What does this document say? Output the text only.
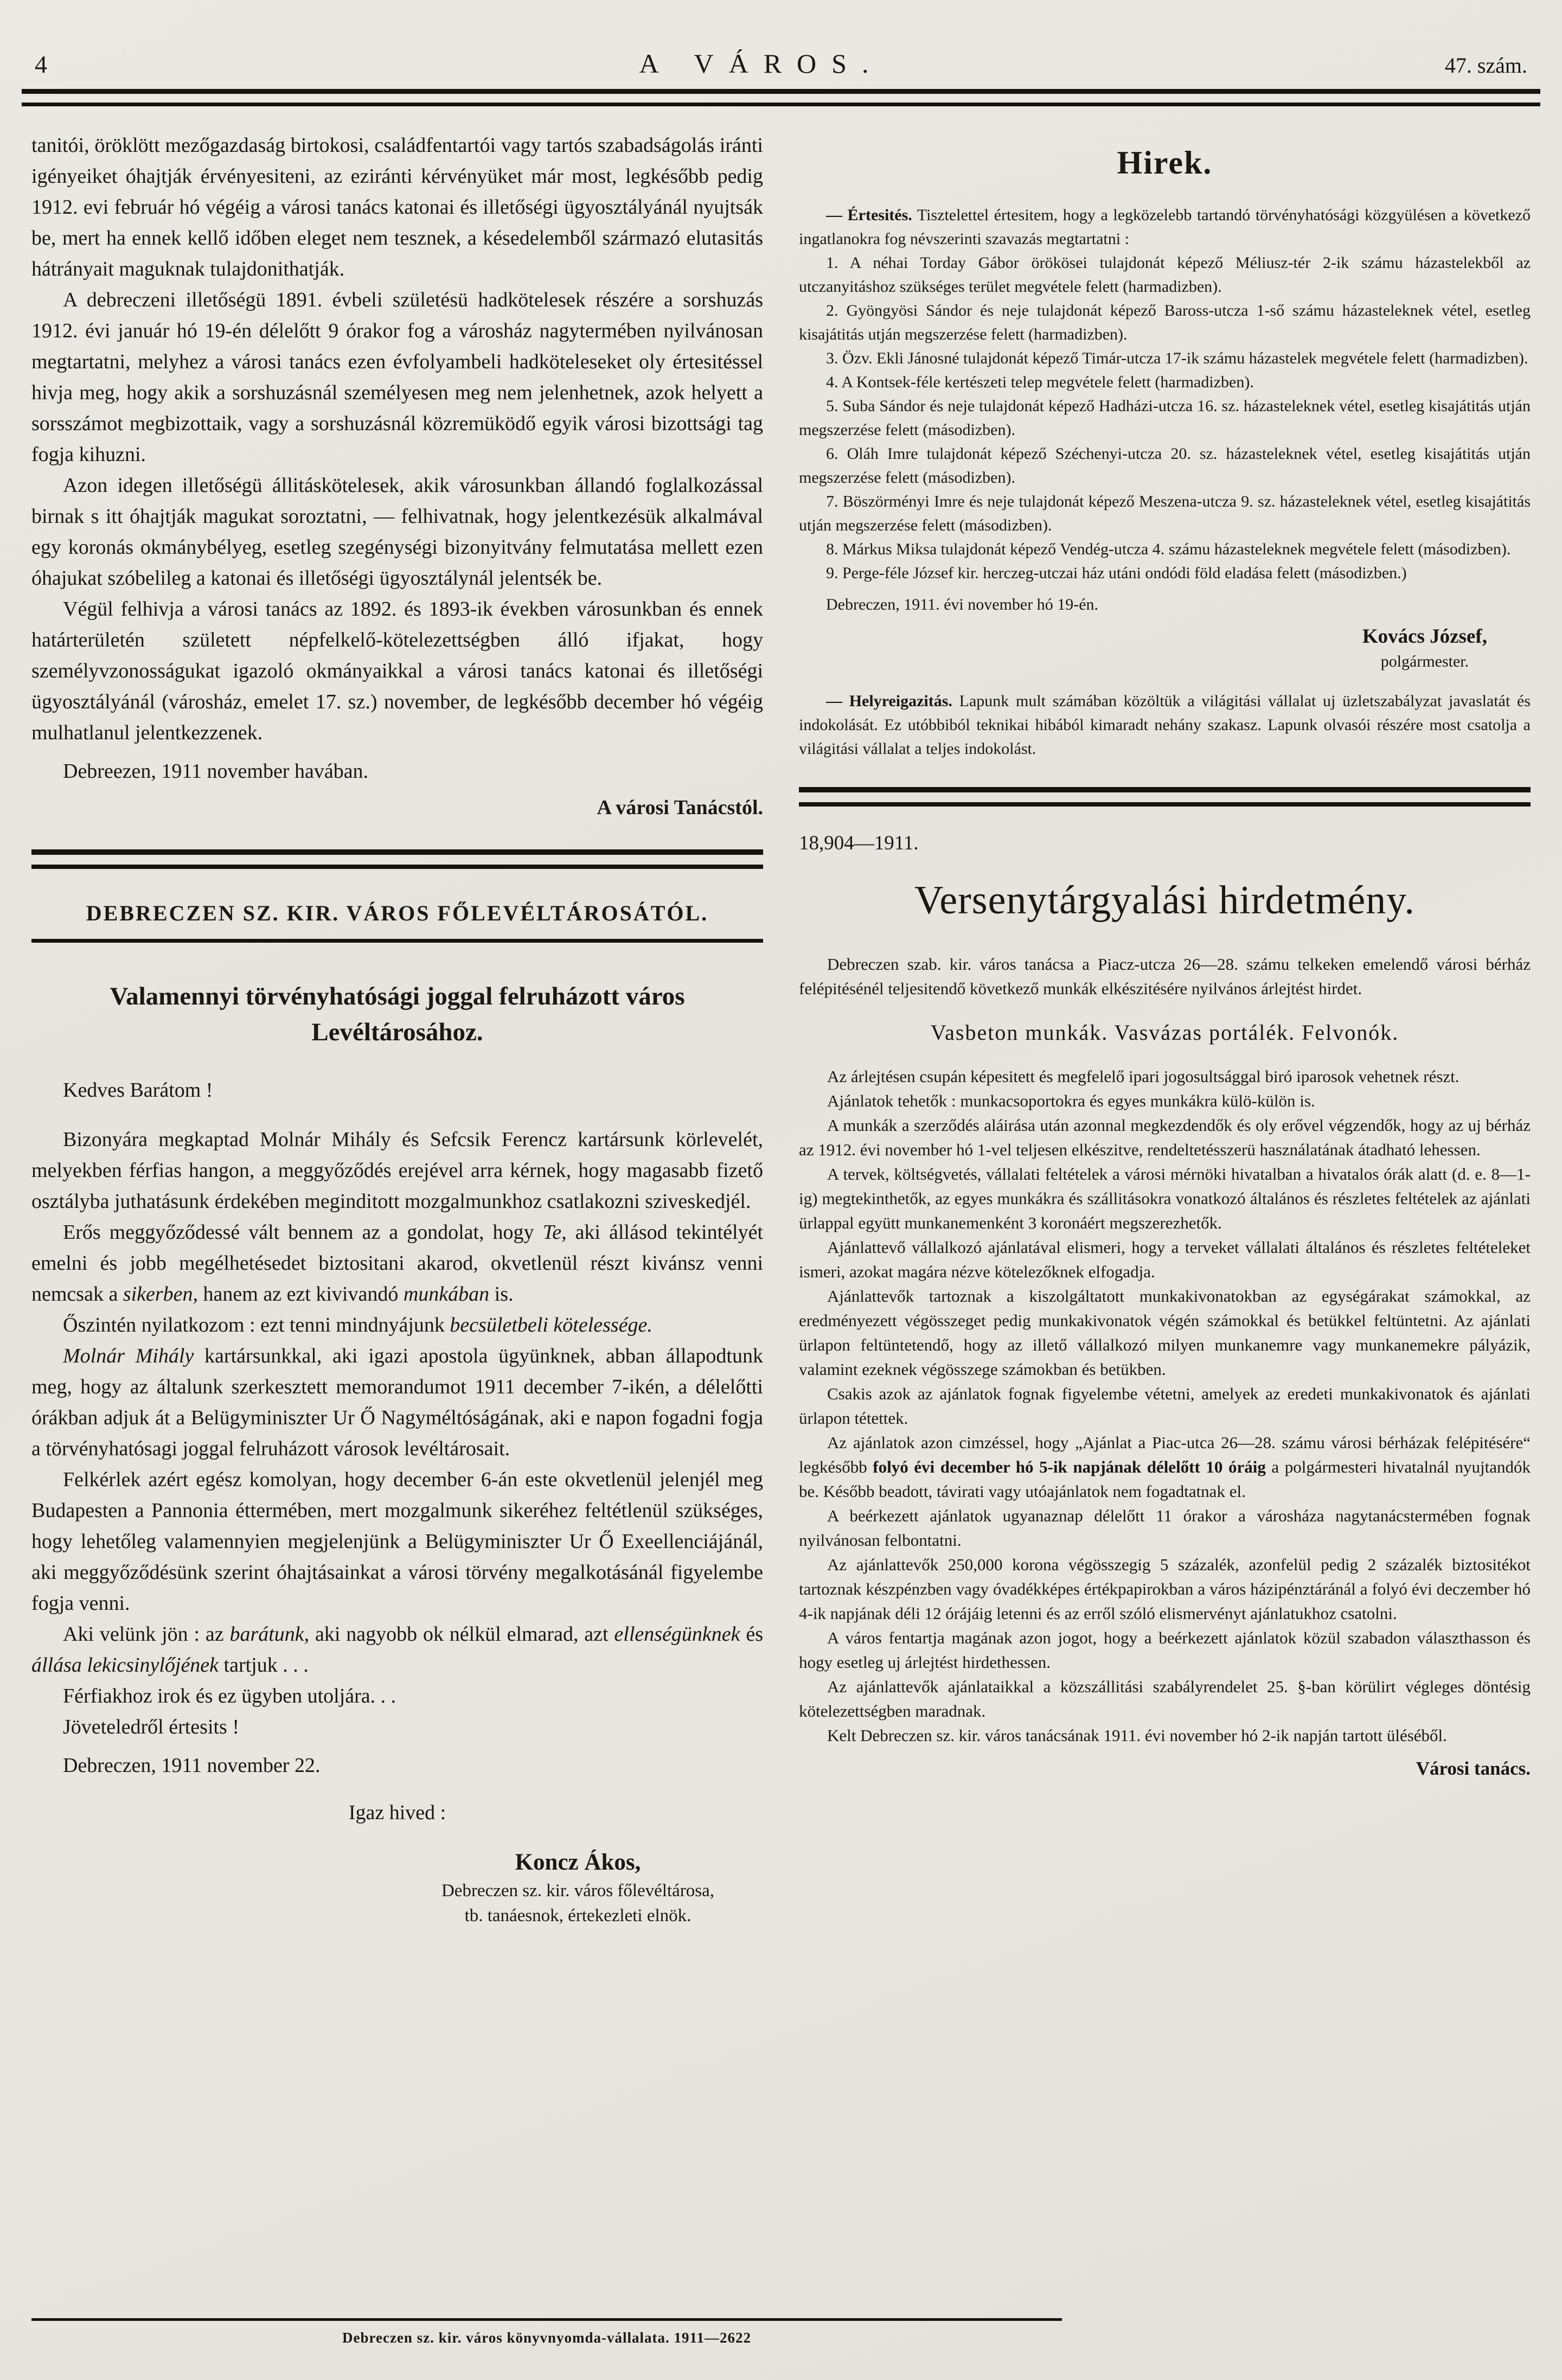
4	A VÁROS.	47. szám.

tanitói, öröklött mezőgazdaság birtokosi, családfentartói vagy tartós szabadságolás iránti igényeiket óhajtják érvényesiteni, az eziránti kérvényüket már most, legkésőbb pedig 1912. evi február hó végéig a városi tanács katonai és illetőségi ügyosztályánál nyujtsák be, mert ha ennek kellő időben eleget nem tesznek, a késedelemből származó elutasitás hátrányait maguknak tulajdonithatják.

A debreczeni illetőségü 1891. évbeli születésü hadkötelesek részére a sorshuzás 1912. évi január hó 19-én délelőtt 9 órakor fog a városház nagytermében nyilvánosan megtartatni, melyhez a városi tanács ezen évfolyambeli hadköteleseket oly értesitéssel hivja meg, hogy akik a sorshuzásnál személyesen meg nem jelenhetnek, azok helyett a sorsszámot megbizottaik, vagy a sorshuzásnál közremüködő egyik városi bizottsági tag fogja kihuzni.

Azon idegen illetőségü állitáskötelesek, akik városunkban állandó foglalkozással birnak s itt óhajtják magukat soroztatni, — felhivatnak, hogy jelentkezésük alkalmával egy koronás okmánybélyeg, esetleg szegénységi bizonyitvány felmutatása mellett ezen óhajukat szóbelileg a katonai és illetőségi ügyosztálynál jelentsék be.

Végül felhivja a városi tanács az 1892. és 1893-ik években városunkban és ennek határterületén született népfelkelő-kötelezettségben álló ifjakat, hogy személyvzonosságukat igazoló okmányaikkal a városi tanács katonai és illetőségi ügyosztályánál (városház, emelet 17. sz.) november, de legkésőbb december hó végéig mulhatlanul jelentkezzenek.

Debreezen, 1911 november havában.

A városi Tanácstól.

DEBRECZEN SZ. KIR. VÁROS FŐLEVÉLTÁROSÁTÓL.
Valamennyi törvényhatósági joggal felruházott város Levéltárosához.

Kedves Barátom !

Bizonyára megkaptad Molnár Mihály és Sefcsik Ferencz kartársunk körlevelét, melyekben férfias hangon, a meggyőződés erejével arra kérnek, hogy magasabb fizető osztályba juthatásunk érdekében meginditott mozgalmunkhoz csatlakozni sziveskedjél.

Erős meggyőződessé vált bennem az a gondolat, hogy Te, aki állásod tekintélyét emelni és jobb megélhetésedet biztositani akarod, okvetlenül részt kivánsz venni nemcsak a sikerben, hanem az ezt kivivandó munkában is.

Őszintén nyilatkozom : ezt tenni mindnyájunk becsületbeli kötelessége.

Molnár Mihály kartársunkkal, aki igazi apostola ügyünknek, abban állapodtunk meg, hogy az általunk szerkesztett memorandumot 1911 december 7-ikén, a délelőtti órákban adjuk át a Belügyminiszter Ur Ő Nagyméltóságának, aki e napon fogadni fogja a törvényhatósagi joggal felruházott városok levéltárosait.

Felkérlek azért egész komolyan, hogy december 6-án este okvetlenül jelenjél meg Budapesten a Pannonia éttermében, mert mozgalmunk sikeréhez feltétlenül szükséges, hogy lehetőleg valamennyien megjelenjünk a Belügyminiszter Ur Ő Exeellenciájánál, aki meggyőződésünk szerint óhajtásainkat a városi törvény megalkotásánál figyelembe fogja venni.

Aki velünk jön : az barátunk, aki nagyobb ok nélkül elmarad, azt ellenségünknek és állása lekicsinylőjének tartjuk . . .

Férfiakhoz irok és ez ügyben utoljára. . .

Jöveteledről értesits !

Debreczen, 1911 november 22.

Igaz hived :

Koncz Ákos,
Debreczen sz. kir. város főlevéltárosa,
tb. tanáesnok, értekezleti elnök.
Hirek.

— Értesités. Tisztelettel értesitem, hogy a legközelebb tartandó törvényhatósági közgyülésen a következő ingatlanokra fog névszerinti szavazás megtartatni :

1. A néhai Torday Gábor örökösei tulajdonát képező Méliusz-tér 2-ik számu házastelekből az utczanyitáshoz szükséges terület megvétele felett (harmadizben).

2. Gyöngyösi Sándor és neje tulajdonát képező Baross-utcza 1-ső számu házasteleknek vétel, esetleg kisajátitás utján megszerzése felett (harmadizben).

3. Özv. Ekli Jánosné tulajdonát képező Timár-utcza 17-ik számu házastelek megvétele felett (harmadizben).

4. A Kontsek-féle kertészeti telep megvétele felett (harmadizben).

5. Suba Sándor és neje tulajdonát képező Hadházi-utcza 16. sz. házasteleknek vétel, esetleg kisajátitás utján megszerzése felett (másodizben).

6. Oláh Imre tulajdonát képező Széchenyi-utcza 20. sz. házasteleknek vétel, esetleg kisajátitás utján megszerzése felett (másodizben).

7. Böszörményi Imre és neje tulajdonát képező Meszena-utcza 9. sz. házasteleknek vétel, esetleg kisajátitás utján megszerzése felett (másodizben).

8. Márkus Miksa tulajdonát képező Vendég-utcza 4. számu házasteleknek megvétele felett (másodizben).

9. Perge-féle József kir. herczeg-utczai ház utáni ondódi föld eladása felett (másodizben.)

Debreczen, 1911. évi november hó 19-én.

Kovács József,
polgármester.

— Helyreigazitás. Lapunk mult számában közöltük a világitási vállalat uj üzletszabályzat javaslatát és indokolását. Ez utóbbiból teknikai hibából kimaradt nehány szakasz. Lapunk olvasói részére most csatolja a világitási vállalat a teljes indokolást.

18,904—1911.

Versenytárgyalási hirdetmény.

Debreczen szab. kir. város tanácsa a Piacz-utcza 26—28. számu telkeken emelendő városi bérház felépitésénél teljesitendő következő munkák elkészitésére nyilvános árlejtést hirdet.

Vasbeton munkák. Vasvázas portálék. Felvonók.

Az árlejtésen csupán képesitett és megfelelő ipari jogosultsággal biró iparosok vehetnek részt.

Ajánlatok tehetők : munkacsoportokra és egyes munkákra külö-külön is.

A munkák a szerződés aláirása után azonnal megkezdendők és oly erővel végzendők, hogy az uj bérház az 1912. évi november hó 1-vel teljesen elkészitve, rendeltetésszerü használatának átadható lehessen.

A tervek, költségvetés, vállalati feltételek a városi mérnöki hivatalban a hivatalos órák alatt (d. e. 8—1-ig) megtekinthetők, az egyes munkákra és szállitásokra vonatkozó általános és részletes feltételek az ajánlati ürlappal együtt munkanemenként 3 koronáért megszerezhetők.

Ajánlattevő vállalkozó ajánlatával elismeri, hogy a terveket vállalati általános és részletes feltételeket ismeri, azokat magára nézve kötelezőknek elfogadja.

Ajánlattevők tartoznak a kiszolgáltatott munkakivonatokban az egységárakat számokkal, az eredményezett végösszeget pedig munkakivonatok végén számokkal és betükkel feltüntetni. Az ajánlati ürlapon feltüntetendő, hogy az illető vállalkozó milyen munkanemre vagy munkanemekre pályázik, valamint ezeknek végösszege számokban és betükben.

Csakis azok az ajánlatok fognak figyelembe vétetni, amelyek az eredeti munkakivonatok és ajánlati ürlapon tétettek.

Az ajánlatok azon cimzéssel, hogy „Ajánlat a Piac-utca 26—28. számu városi bérházak felépitésére“ legkésőbb folyó évi december hó 5-ik napjának délelőtt 10 óráig a polgármesteri hivatalnál nyujtandók be. Később beadott, távirati vagy utóajánlatok nem fogadtatnak el.

A beérkezett ajánlatok ugyanaznap délelőtt 11 órakor a városháza nagytanácstermében fognak nyilvánosan felbontatni.

Az ajánlattevők 250,000 korona végösszegig 5 százalék, azonfelül pedig 2 százalék biztositékot tartoznak készpénzben vagy óvadékképes értékpapirokban a város házipénztáránál a folyó évi deczember hó 4-ik napjának déli 12 órájáig letenni és az erről szóló elismervényt ajánlatukhoz csatolni.

A város fentartja magának azon jogot, hogy a beérkezett ajánlatok közül szabadon választhasson és hogy esetleg uj árlejtést hirdethessen.

Az ajánlattevők ajánlataikkal a közszállitási szabályrendelet 25. §-ban körülirt végleges döntésig kötelezettségben maradnak.

Kelt Debreczen sz. kir. város tanácsának 1911. évi november hó 2-ik napján tartott üléséből.

Városi tanács.

Debreczen sz. kir. város könyvnyomda-vállalata. 1911—2622
